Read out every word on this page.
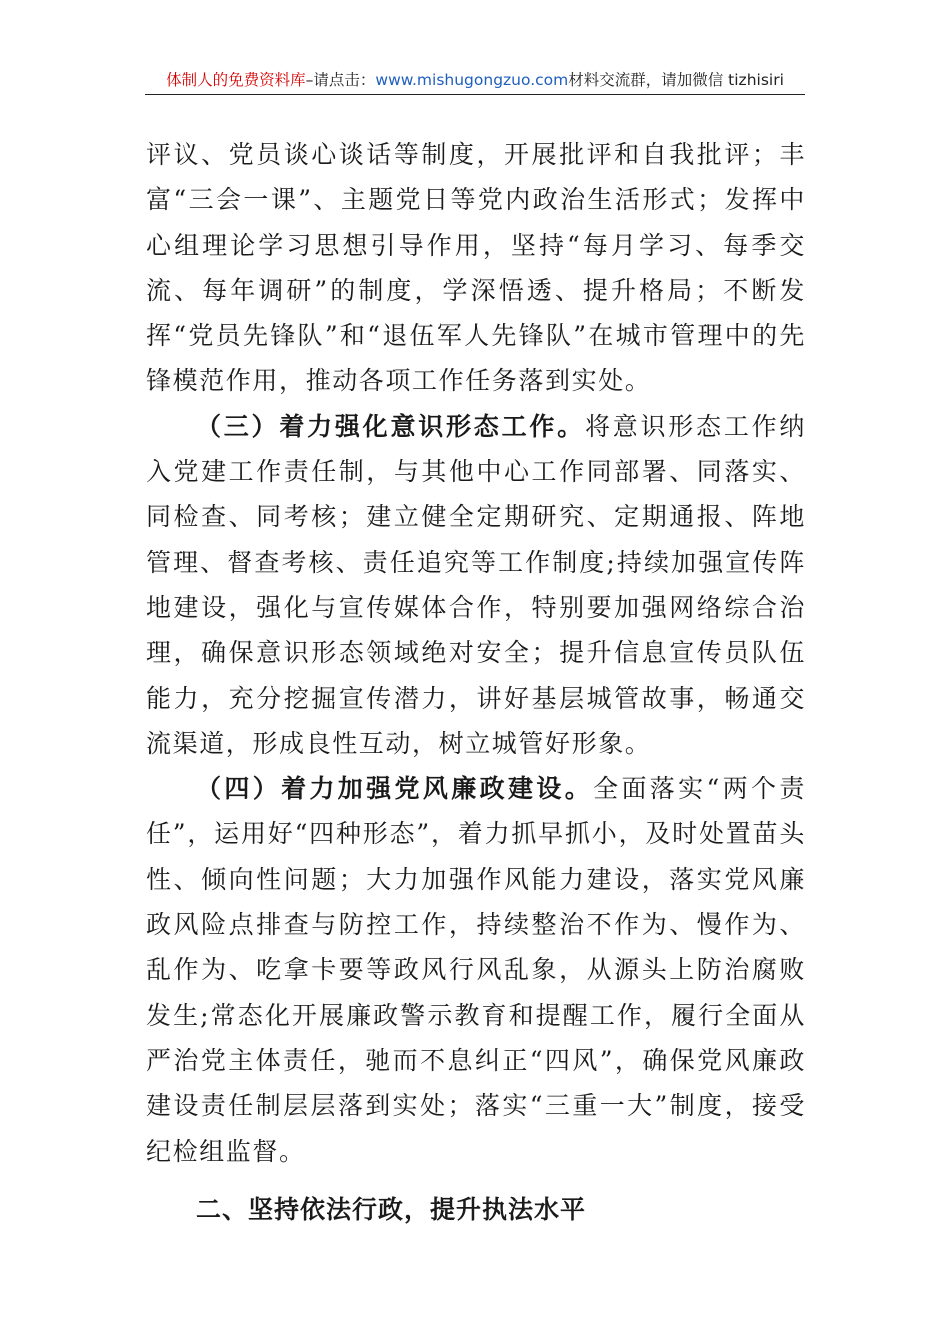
体制人的免费资料库–请点击：www.mishugongzuo.com材料交流群，请加微信 tizhisiri

评议、党员谈心谈话等制度，开展批评和自我批评；丰富“三会一课”、主题党日等党内政治生活形式；发挥中心组理论学习思想引导作用，坚持“每月学习、每季交流、每年调研”的制度，学深悟透、提升格局；不断发挥“党员先锋队”和“退伍军人先锋队”在城市管理中的先锋模范作用，推动各项工作任务落到实处。

（三）着力强化意识形态工作。将意识形态工作纳入党建工作责任制，与其他中心工作同部署、同落实、同检查、同考核；建立健全定期研究、定期通报、阵地管理、督查考核、责任追究等工作制度;持续加强宣传阵地建设，强化与宣传媒体合作，特别要加强网络综合治理，确保意识形态领域绝对安全；提升信息宣传员队伍能力，充分挖掘宣传潜力，讲好基层城管故事，畅通交流渠道，形成良性互动，树立城管好形象。

（四）着力加强党风廉政建设。全面落实“两个责任”，运用好“四种形态”，着力抓早抓小，及时处置苗头性、倾向性问题；大力加强作风能力建设，落实党风廉政风险点排查与防控工作，持续整治不作为、慢作为、乱作为、吃拿卡要等政风行风乱象，从源头上防治腐败发生;常态化开展廉政警示教育和提醒工作，履行全面从严治党主体责任，驰而不息纠正“四风”，确保党风廉政建设责任制层层落到实处；落实“三重一大”制度，接受纪检组监督。

二、坚持依法行政，提升执法水平
